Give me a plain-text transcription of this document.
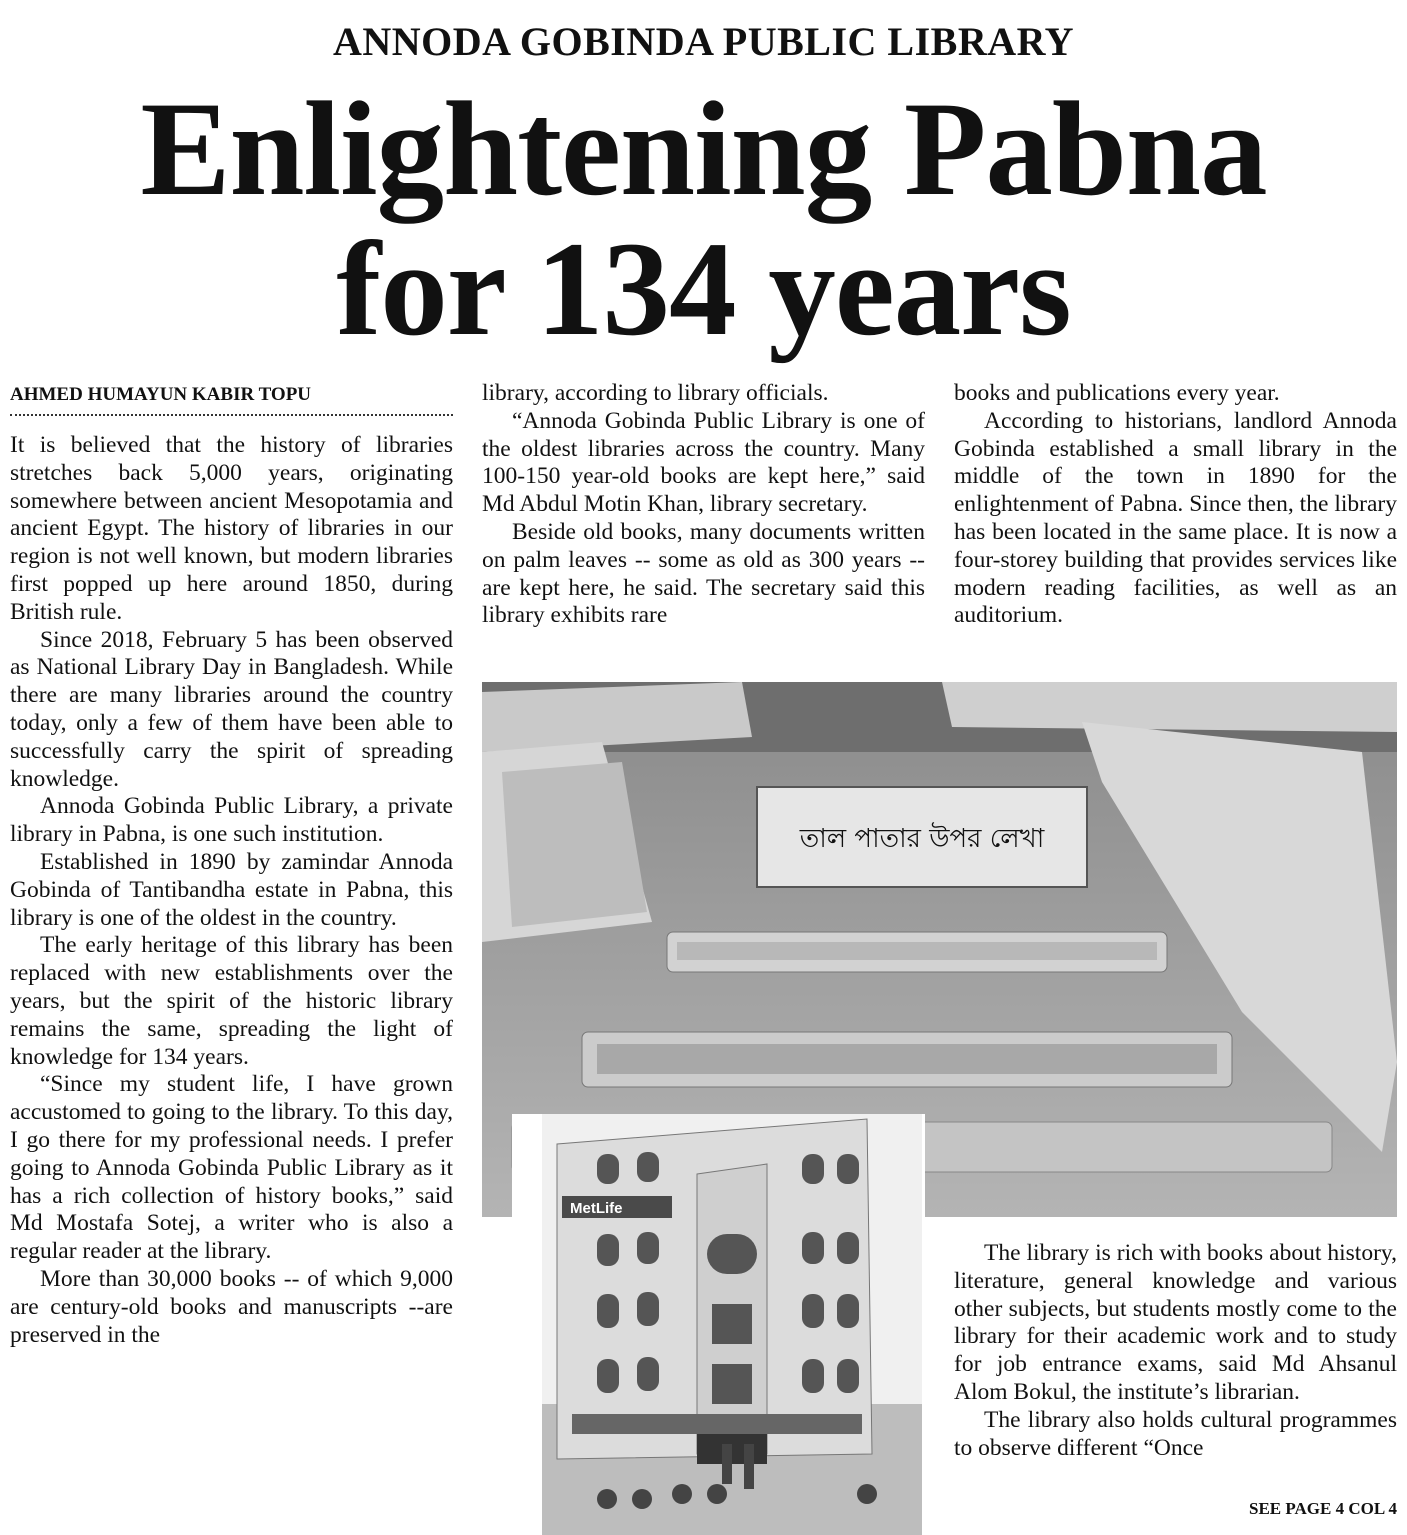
ANNODA GOBINDA PUBLIC LIBRARY
Enlightening Pabna
for 134 years
AHMED HUMAYUN KABIR TOPU

It is believed that the history of libraries stretches back 5,000 years, originating somewhere between ancient Mesopotamia and ancient Egypt. The history of libraries in our region is not well known, but modern libraries first popped up here around 1850, during British rule.

Since 2018, February 5 has been observed as National Library Day in Bangladesh. While there are many libraries around the country today, only a few of them have been able to successfully carry the spirit of spreading knowledge.

Annoda Gobinda Public Library, a private library in Pabna, is one such institution.

Established in 1890 by zamindar Annoda Gobinda of Tantibandha estate in Pabna, this library is one of the oldest in the country.

The early heritage of this library has been replaced with new establishments over the years, but the spirit of the historic library remains the same, spreading the light of knowledge for 134 years.

“Since my student life, I have grown accustomed to going to the library. To this day, I go there for my professional needs. I prefer going to Annoda Gobinda Public Library as it has a rich collection of history books,” said Md Mostafa Sotej, a writer who is also a regular reader at the library.

More than 30,000 books -- of which 9,000 are century-old books and manuscripts --are preserved in the

library, according to library officials.

“Annoda Gobinda Public Library is one of the oldest libraries across the country. Many 100-150 year-old books are kept here,” said Md Abdul Motin Khan, library secretary.

Beside old books, many documents written on palm leaves -- some as old as 300 years -- are kept here, he said. The secretary said this library exhibits rare

books and publications every year.

According to historians, landlord Annoda Gobinda established a small library in the middle of the town in 1890 for the enlightenment of Pabna. Since then, the library has been located in the same place. It is now a four-storey building that provides services like modern reading facilities, as well as an auditorium.

তাল পাতার উপর লেখা
MetLife

The library is rich with books about history, literature, general knowledge and various other subjects, but students mostly come to the library for their academic work and to study for job entrance exams, said Md Ahsanul Alom Bokul, the institute’s librarian.

The library also holds cultural programmes to observe different “Once

SEE PAGE 4 COL 4
